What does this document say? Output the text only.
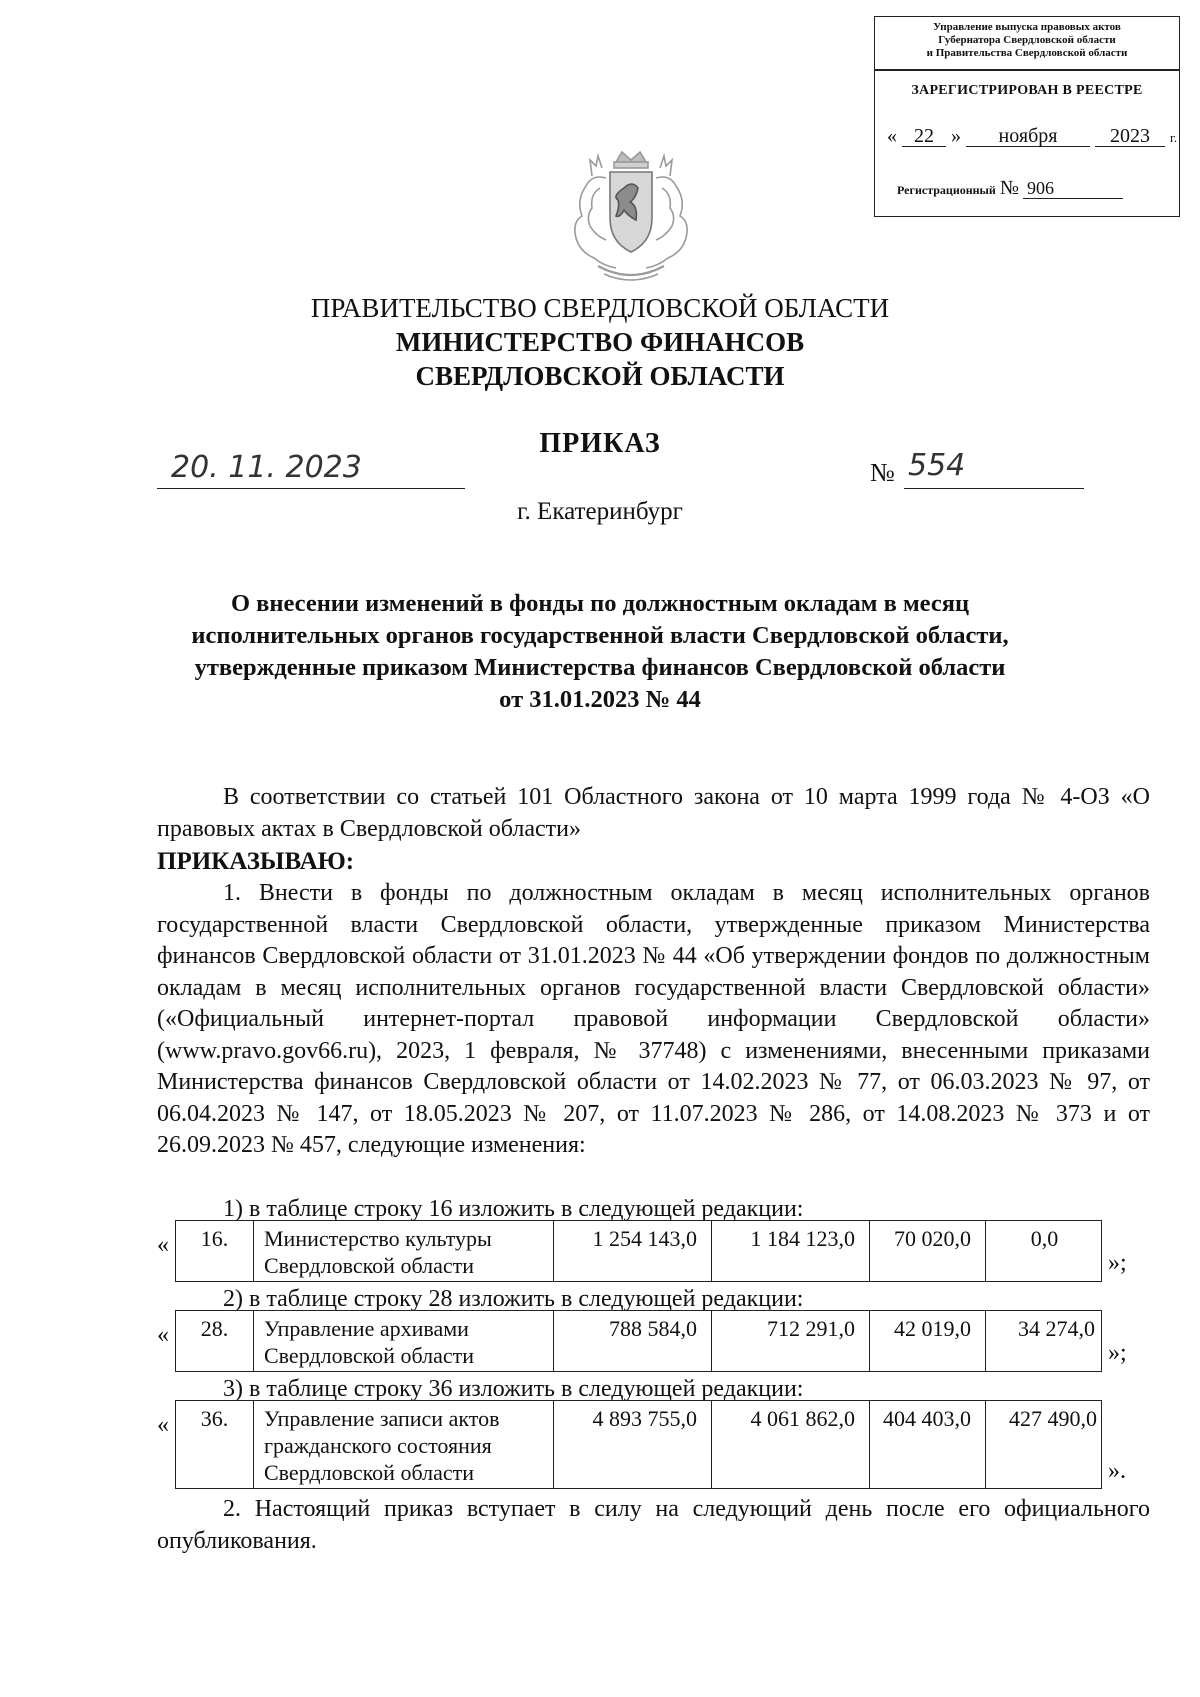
Управление выпуска правовых актов
Губернатора Свердловской области
и Правительства Свердловской области
ЗАРЕГИСТРИРОВАН В РЕЕСТРЕ
« 22 » ноября	2023 г.
Регистрационный № 906
ПРАВИТЕЛЬСТВО СВЕРДЛОВСКОЙ ОБЛАСТИ
МИНИСТЕРСТВО ФИНАНСОВ
СВЕРДЛОВСКОЙ ОБЛАСТИ
ПРИКАЗ
20. 11. 2023	№ 554
г. Екатеринбург
О внесении изменений в фонды по должностным окладам в месяц
исполнительных органов государственной власти Свердловской области,
утвержденные приказом Министерства финансов Свердловской области
от 31.01.2023 № 44
В соответствии со статьей 101 Областного закона от 10 марта 1999 года № 4-ОЗ «О правовых актах в Свердловской области»
ПРИКАЗЫВАЮ:
1. Внести в фонды по должностным окладам в месяц исполнительных органов государственной власти Свердловской области, утвержденные приказом Министерства финансов Свердловской области от 31.01.2023 № 44 «Об утверждении фондов по должностным окладам в месяц исполнительных органов государственной власти Свердловской области» («Официальный интернет-портал правовой информации Свердловской области» (www.pravo.gov66.ru), 2023, 1 февраля, № 37748) с изменениями, внесенными приказами Министерства финансов Свердловской области от 14.02.2023 № 77, от 06.03.2023 № 97, от 06.04.2023 № 147, от 18.05.2023 № 207, от 11.07.2023 № 286, от 14.08.2023 № 373 и от 26.09.2023 № 457, следующие изменения:
1) в таблице строку 16 изложить в следующей редакции:
« 16.	Министерство культуры
Свердловской области
	1 254 143,0	1 184 123,0	70 020,0	0,0
»;
2) в таблице строку 28 изложить в следующей редакции:
« 28.	Управление архивами
Свердловской области
	788 584,0	712 291,0	42 019,0	34 274,0
»;
3) в таблице строку 36 изложить в следующей редакции:
« 36.	Управление записи актов
гражданского состояния
Свердловской области
	4 893 755,0	4 061 862,0	404 403,0	427 490,0
».
2. Настоящий приказ вступает в силу на следующий день после его официального опубликования.
